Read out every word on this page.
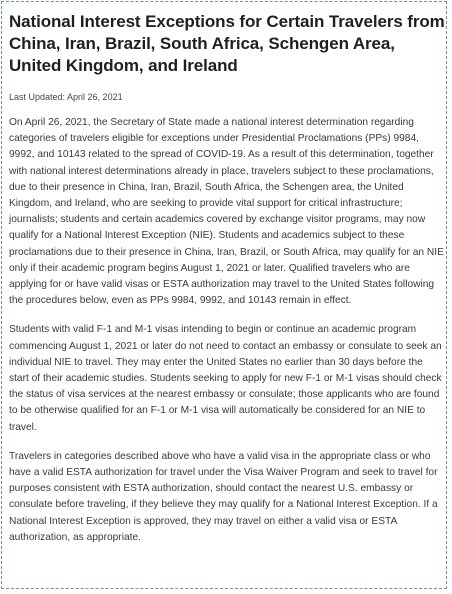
National Interest Exceptions for Certain Travelers from China, Iran, Brazil, South Africa, Schengen Area, United Kingdom, and Ireland

Last Updated: April 26, 2021

On April 26, 2021, the Secretary of State made a national interest determination regarding categories of travelers eligible for exceptions under Presidential Proclamations (PPs) 9984, 9992, and 10143 related to the spread of COVID-19. As a result of this determination, together with national interest determinations already in place, travelers subject to these proclamations, due to their presence in China, Iran, Brazil, South Africa, the Schengen area, the United Kingdom, and Ireland, who are seeking to provide vital support for critical infrastructure; journalists; students and certain academics covered by exchange visitor programs, may now qualify for a National Interest Exception (NIE). Students and academics subject to these proclamations due to their presence in China, Iran, Brazil, or South Africa, may qualify for an NIE only if their academic program begins August 1, 2021 or later. Qualified travelers who are applying for or have valid visas or ESTA authorization may travel to the United States following the procedures below, even as PPs 9984, 9992, and 10143 remain in effect.

Students with valid F-1 and M-1 visas intending to begin or continue an academic program commencing August 1, 2021 or later do not need to contact an embassy or consulate to seek an individual NIE to travel. They may enter the United States no earlier than 30 days before the start of their academic studies. Students seeking to apply for new F-1 or M-1 visas should check the status of visa services at the nearest embassy or consulate; those applicants who are found to be otherwise qualified for an F-1 or M-1 visa will automatically be considered for an NIE to travel.

Travelers in categories described above who have a valid visa in the appropriate class or who have a valid ESTA authorization for travel under the Visa Waiver Program and seek to travel for purposes consistent with ESTA authorization, should contact the nearest U.S. embassy or consulate before traveling, if they believe they may qualify for a National Interest Exception. If a National Interest Exception is approved, they may travel on either a valid visa or ESTA authorization, as appropriate.
